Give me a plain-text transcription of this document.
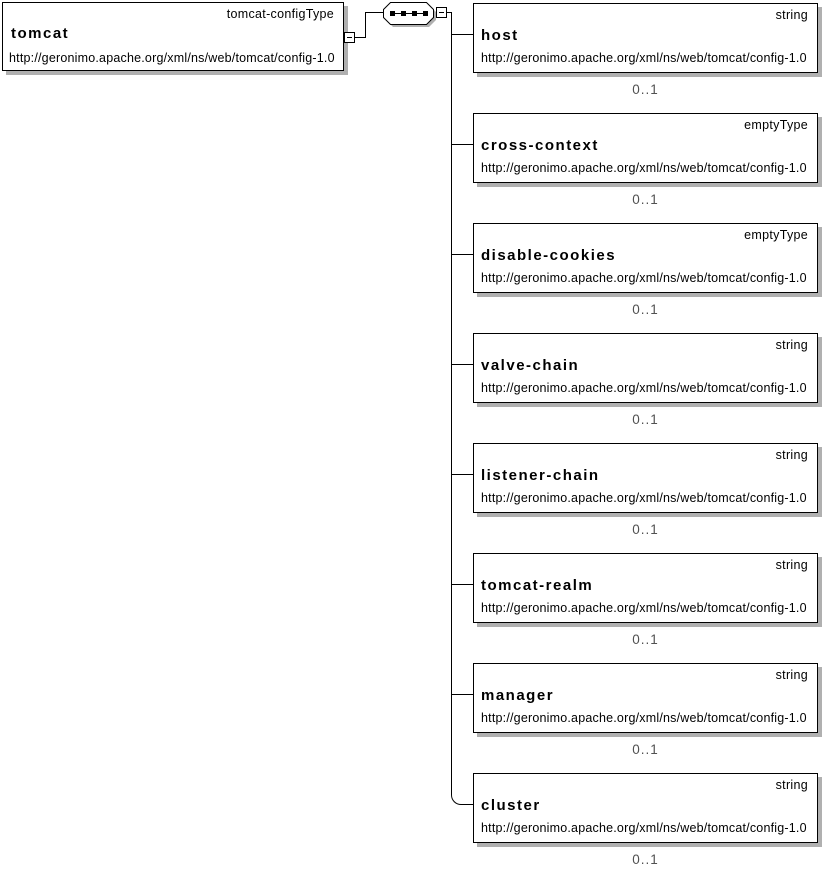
tomcat-configType
tomcat
http://geronimo.apache.org/xml/ns/web/tomcat/config-1.0
string
host
http://geronimo.apache.org/xml/ns/web/tomcat/config-1.0
0..1
emptyType
cross-context
http://geronimo.apache.org/xml/ns/web/tomcat/config-1.0
0..1
emptyType
disable-cookies
http://geronimo.apache.org/xml/ns/web/tomcat/config-1.0
0..1
string
valve-chain
http://geronimo.apache.org/xml/ns/web/tomcat/config-1.0
0..1
string
listener-chain
http://geronimo.apache.org/xml/ns/web/tomcat/config-1.0
0..1
string
tomcat-realm
http://geronimo.apache.org/xml/ns/web/tomcat/config-1.0
0..1
string
manager
http://geronimo.apache.org/xml/ns/web/tomcat/config-1.0
0..1
string
cluster
http://geronimo.apache.org/xml/ns/web/tomcat/config-1.0
0..1
